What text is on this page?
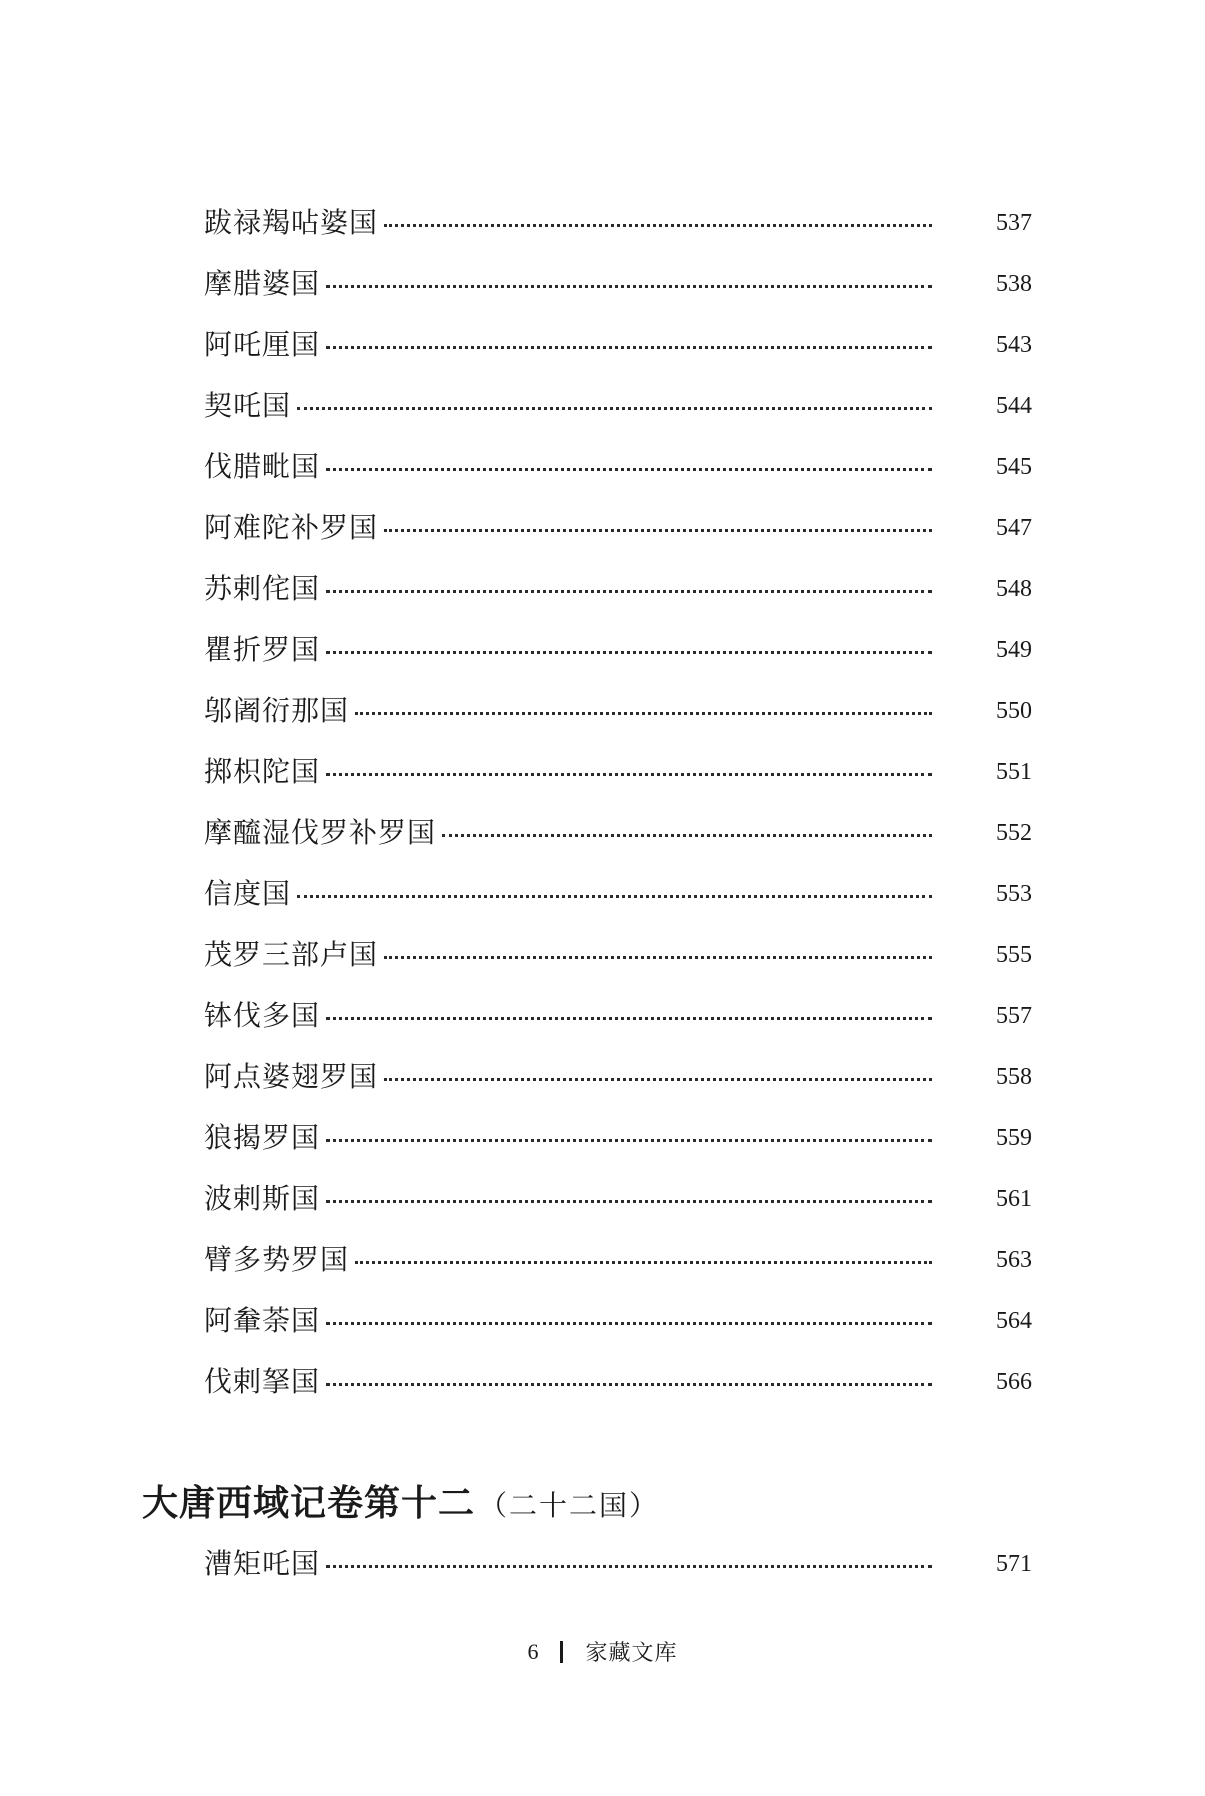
跋禄羯呫婆国	537
摩腊婆国	538
阿吒厘国	543
契吒国	544
伐腊毗国	545
阿难陀补罗国	547
苏剌侘国	548
瞿折罗国	549
邬阇衍那国	550
掷枳陀国	551
摩醯湿伐罗补罗国	552
信度国	553
茂罗三部卢国	555
钵伐多国	557
阿点婆翅罗国	558
狼揭罗国	559
波剌斯国	561
臂多势罗国	563
阿軬荼国	564
伐剌拏国	566
大唐西域记卷第十二 （二十二国）
漕矩吒国	571
6 家藏文库
